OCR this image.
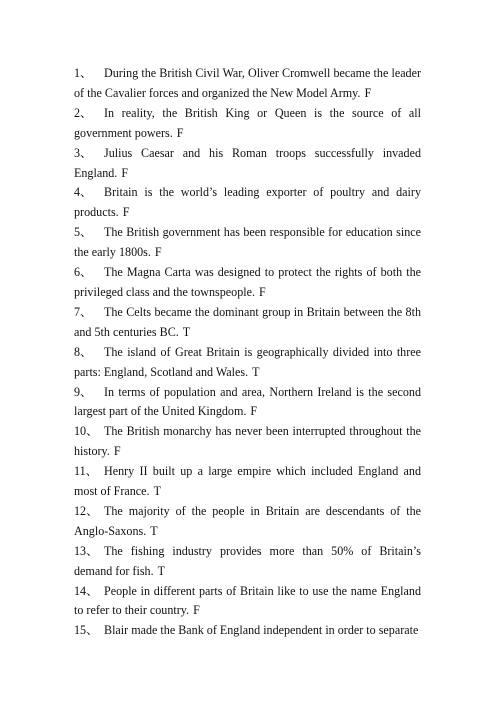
1、 During the British Civil War, Oliver Cromwell became the leader of the Cavalier forces and organized the New Model Army. F

2、 In reality, the British King or Queen is the source of all government powers. F

3、 Julius Caesar and his Roman troops successfully invaded England. F

4、 Britain is the world’s leading exporter of poultry and dairy products. F

5、 The British government has been responsible for education since the early 1800s. F

6、 The Magna Carta was designed to protect the rights of both the privileged class and the townspeople. F

7、 The Celts became the dominant group in Britain between the 8th and 5th centuries BC. T

8、 The island of Great Britain is geographically divided into three parts: England, Scotland and Wales. T

9、 In terms of population and area, Northern Ireland is the second largest part of the United Kingdom. F

10、 The British monarchy has never been interrupted throughout the history. F

11、 Henry II built up a large empire which included England and most of France. T

12、 The majority of the people in Britain are descendants of the Anglo-Saxons. T

13、 The fishing industry provides more than 50% of Britain’s demand for fish. T

14、 People in different parts of Britain like to use the name England to refer to their country. F

15、 Blair made the Bank of England independent in order to separate
